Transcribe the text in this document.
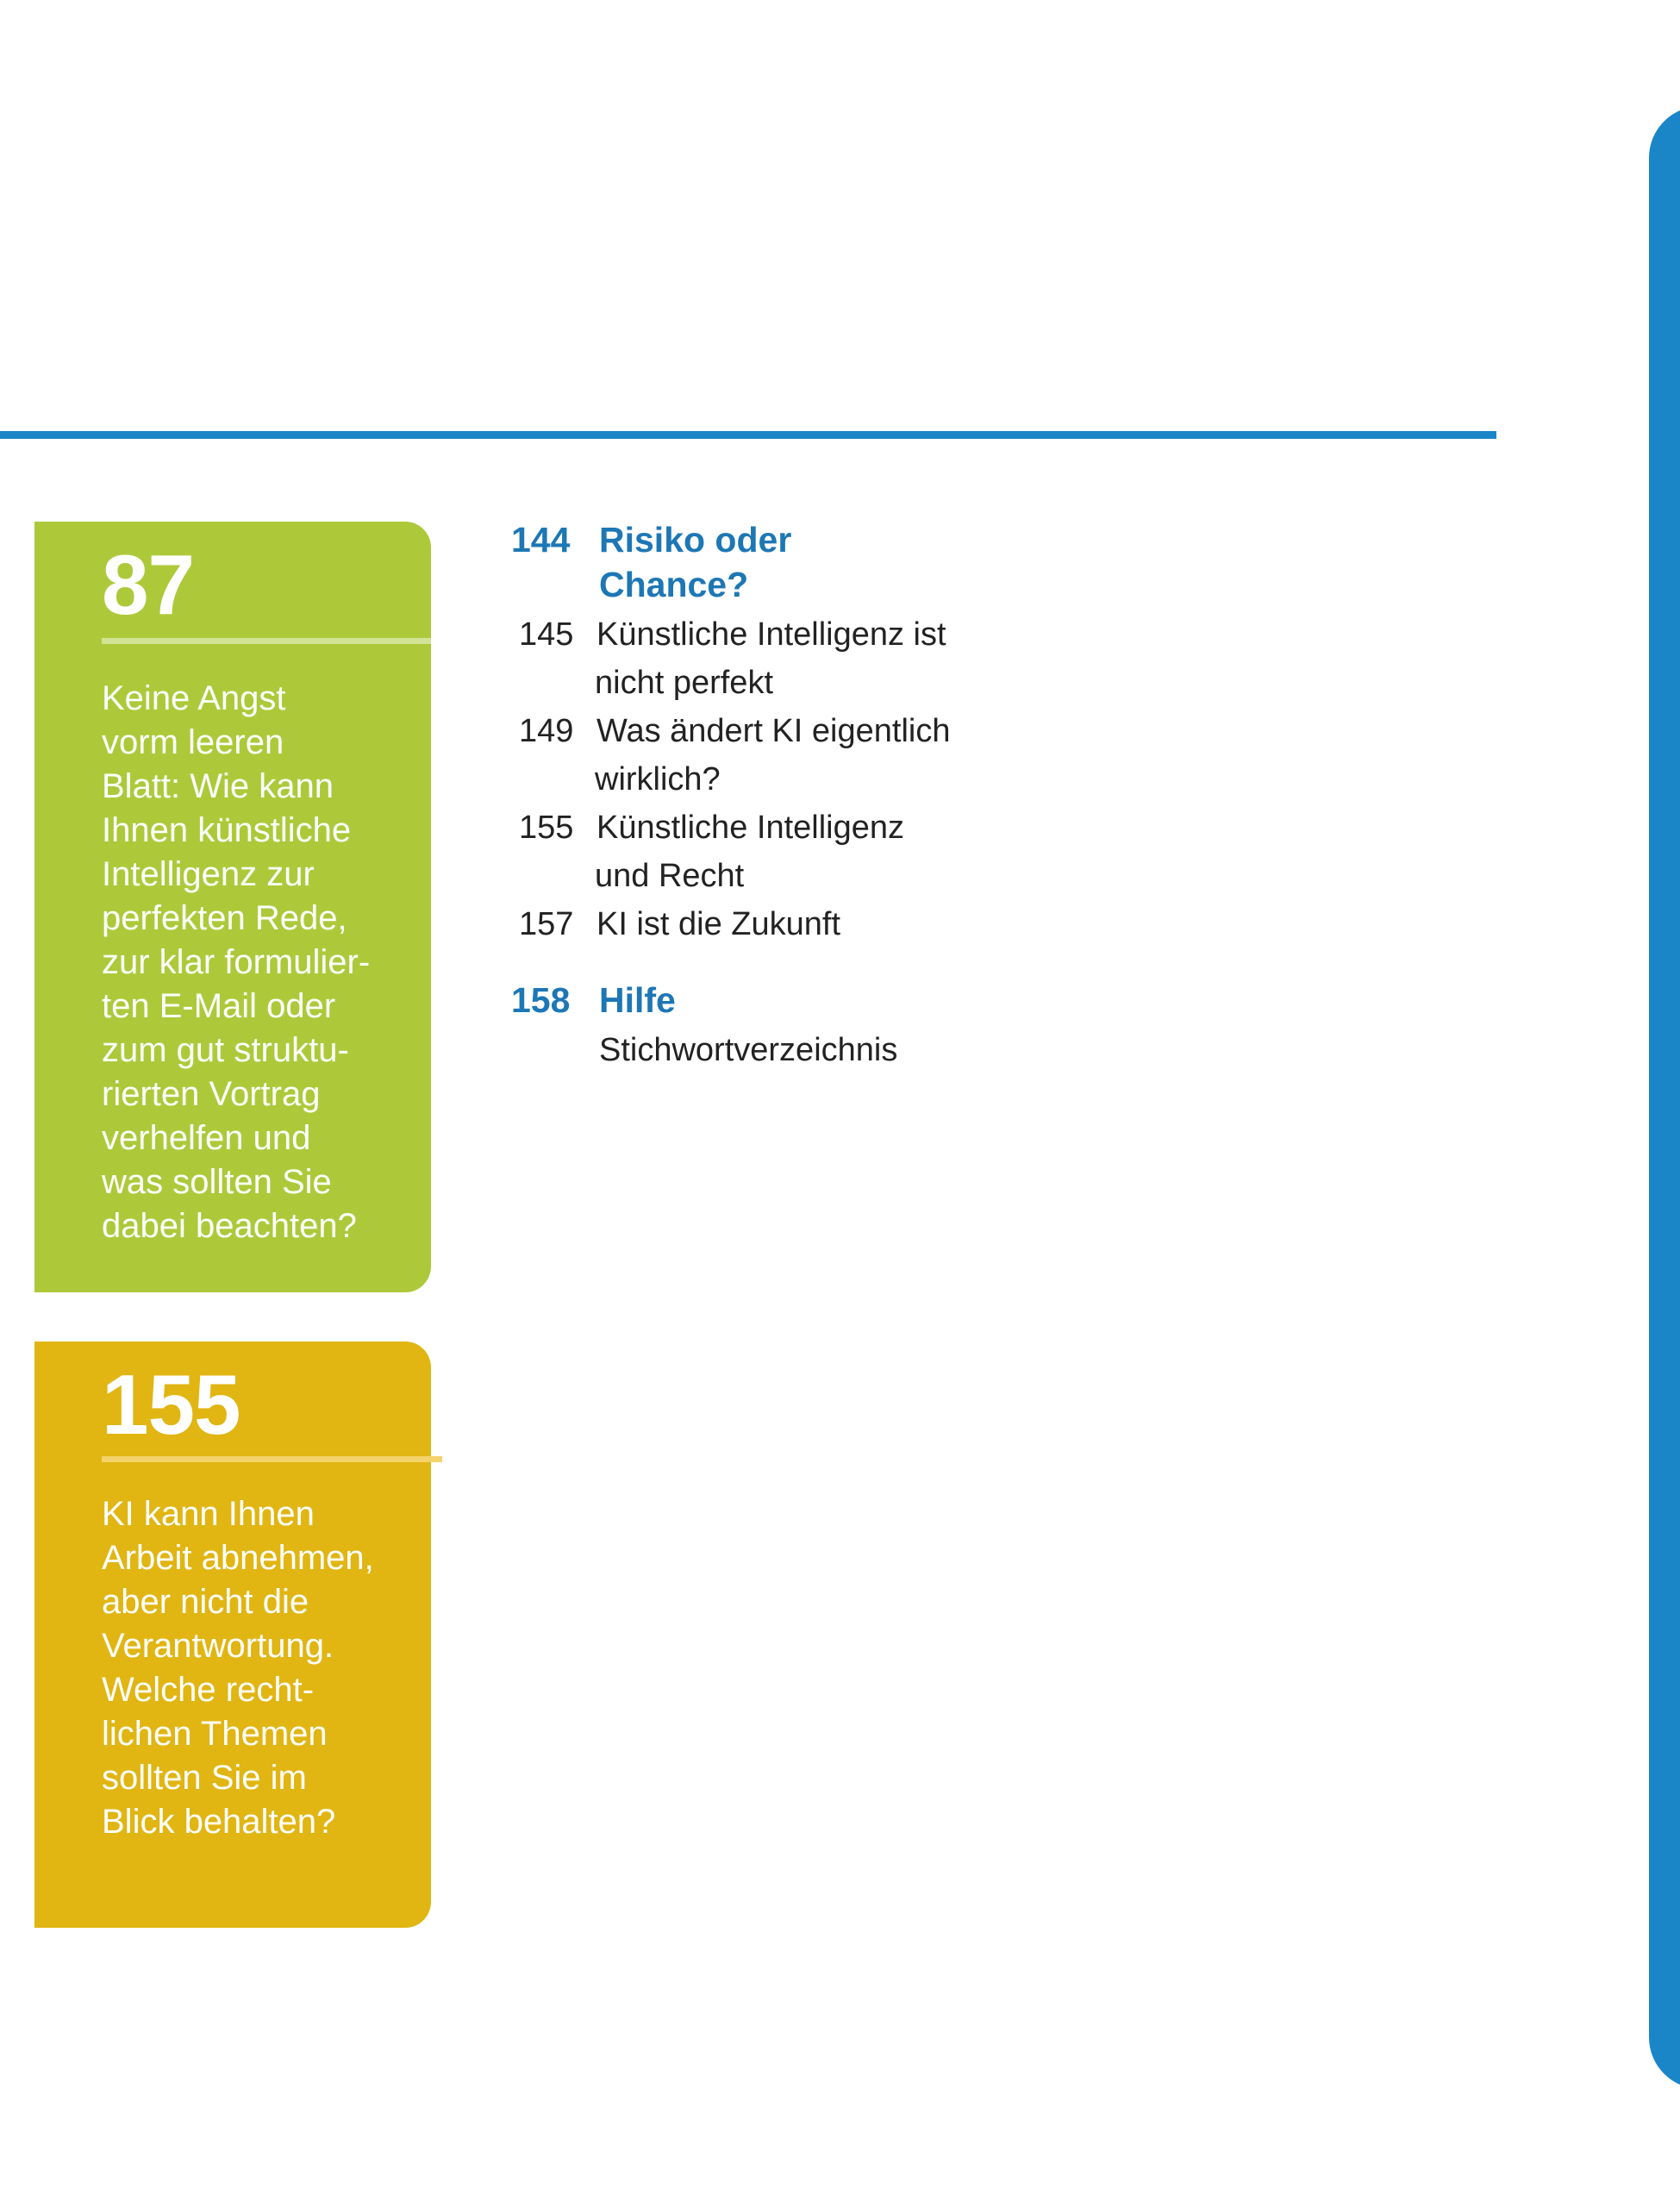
87
Keine Angst
vorm leeren
Blatt: Wie kann
Ihnen künstliche
Intelligenz zur
perfekten Rede,
zur klar formulier-
ten E-Mail oder
zum gut struktu-
rierten Vortrag
verhelfen und
was sollten Sie
dabei beachten?
155
KI kann Ihnen
Arbeit abnehmen,
aber nicht die
Verantwortung.
Welche recht-
lichen Themen
sollten Sie im
Blick behalten?
144 Risiko oder
Chance?
145 Künstliche Intelligenz ist
nicht perfekt
149 Was ändert KI eigentlich
wirklich?
155 Künstliche Intelligenz
und Recht
157 KI ist die Zukunft
158 Hilfe
Stichwortverzeichnis
